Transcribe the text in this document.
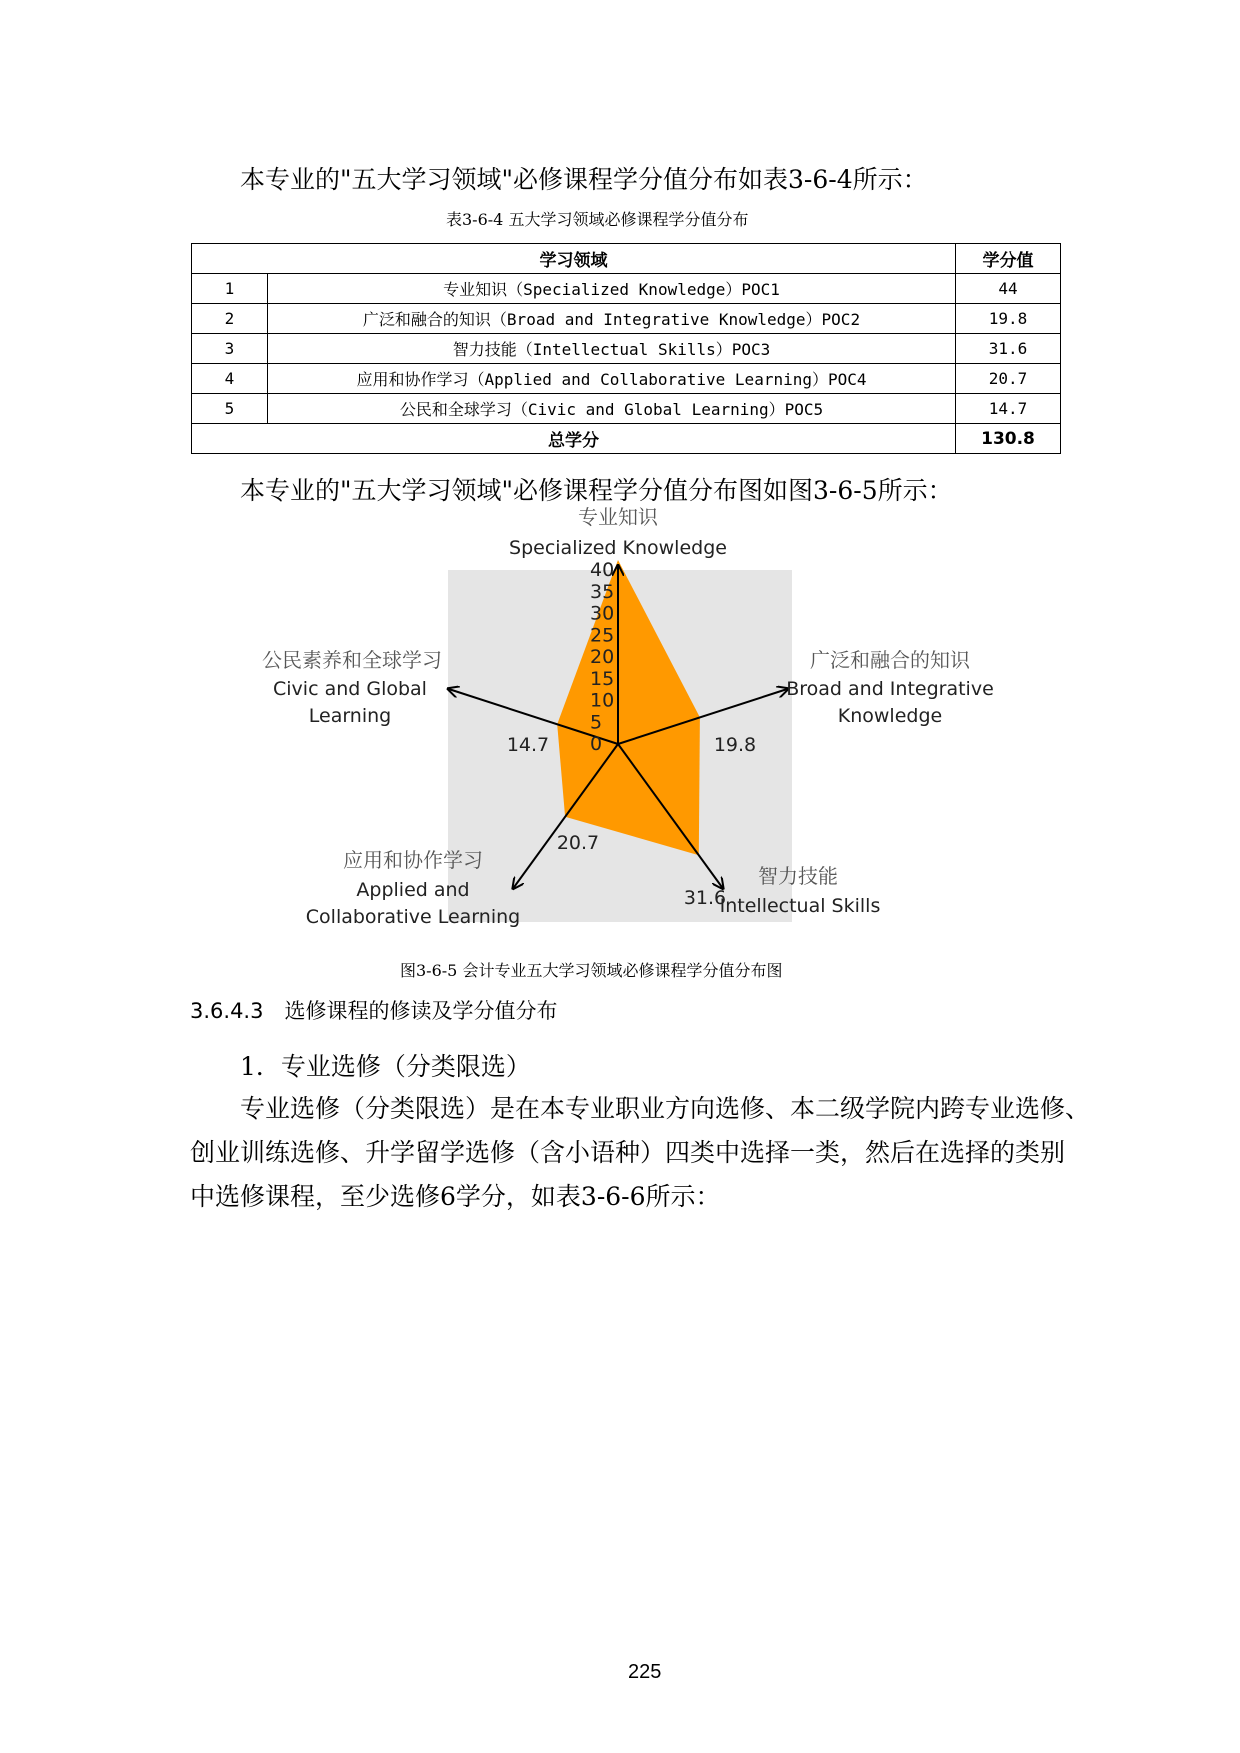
本专业的"五大学习领域"必修课程学分值分布如表3-6-4所示：
表3-6-4 五大学习领域必修课程学分值分布
学习领域		学分值
1	专业知识（Specialized Knowledge）POC1	44
2	广泛和融合的知识（Broad and Integrative Knowledge）POC2	19.8
3	智力技能（Intellectual Skills）POC3	31.6
4	应用和协作学习（Applied and Collaborative Learning）POC4	20.7
5	公民和全球学习（Civic and Global Learning）POC5	14.7
总学分		130.8
本专业的"五大学习领域"必修课程学分值分布图如图3-6-5所示：
0
5
10
15
20
25
30
35
40
专业知识
Specialized Knowledge
广泛和融合的知识
Broad and Integrative
Knowledge
19.8
智力技能
Intellectual Skills
31.6
应用和协作学习
Applied and
Collaborative Learning
20.7
公民素养和全球学习
Civic and Global
Learning
14.7
图3-6-5 会计专业五大学习领域必修课程学分值分布图
3.6.4.3　选修课程的修读及学分值分布
1．专业选修（分类限选）
专业选修（分类限选）是在本专业职业方向选修、本二级学院内跨专业选修、
创业训练选修、升学留学选修（含小语种）四类中选择一类，然后在选择的类别
中选修课程，至少选修6学分，如表3-6-6所示：
225
